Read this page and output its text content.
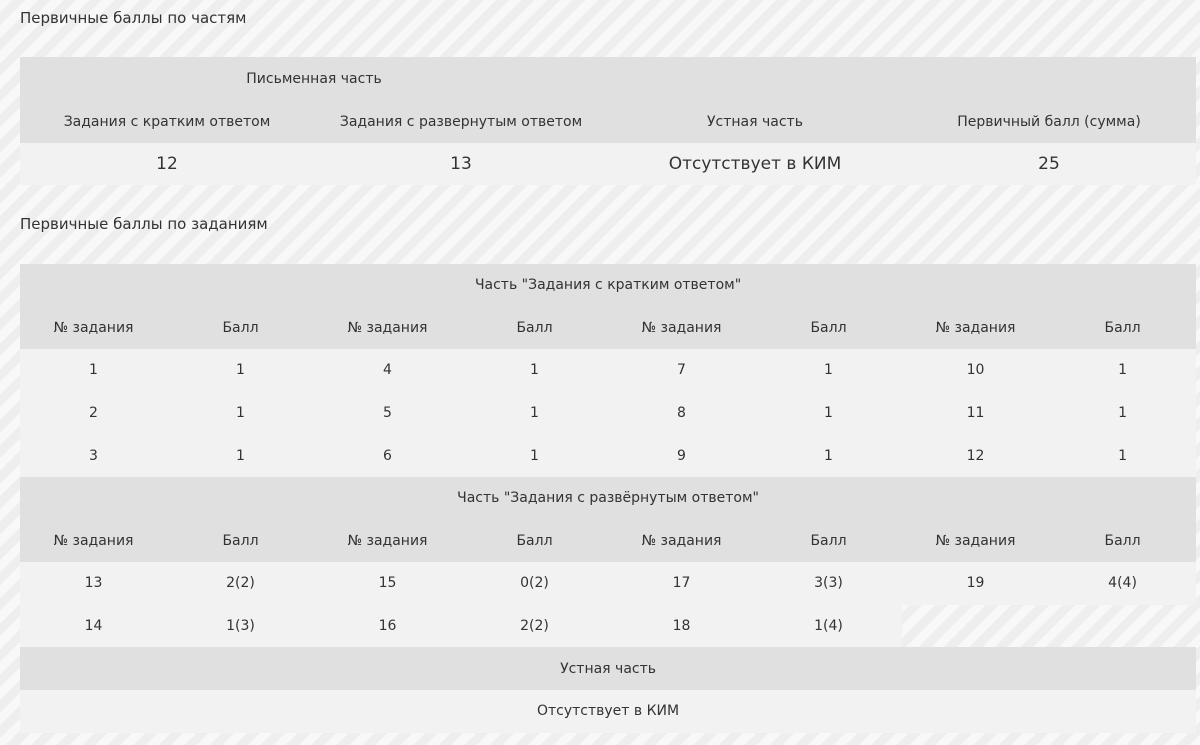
Первичные баллы по частям
Письменная часть			
Задания с кратким ответом	Задания с развернутым ответом	Устная часть	Первичный балл (сумма)
12	13	Отсутствует в КИМ	25
Первичные баллы по заданиям
Часть "Задания с кратким ответом"							
№ задания	Балл	№ задания	Балл	№ задания	Балл	№ задания	Балл
1	1	4	1	7	1	10	1
2	1	5	1	8	1	11	1
3	1	6	1	9	1	12	1
Часть "Задания с развёрнутым ответом"							
№ задания	Балл	№ задания	Балл	№ задания	Балл	№ задания	Балл
13	2(2)	15	0(2)	17	3(3)	19	4(4)
14	1(3)	16	2(2)	18	1(4)		
Устная часть							
Отсутствует в КИМ							
